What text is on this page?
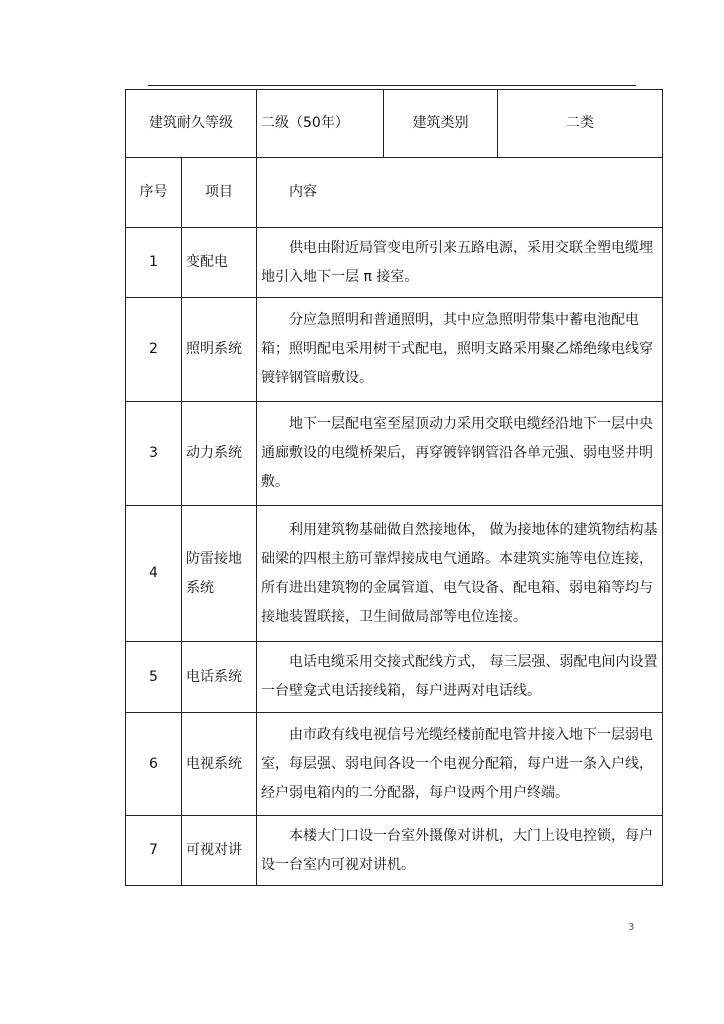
建筑耐久等级		二级（50年）	建筑类别	二类
序号	项目	内容		
1	变配电	供电由附近局管变电所引来五路电源，采用交联全塑电缆埋地引入地下一层 π 接室。		
2	照明系统	分应急照明和普通照明，其中应急照明带集中蓄电池配电箱；照明配电采用树干式配电，照明支路采用聚乙烯绝缘电线穿镀锌钢管暗敷设。		
3	动力系统	地下一层配电室至屋顶动力采用交联电缆经沿地下一层中央通廊敷设的电缆桥架后，再穿镀锌钢管沿各单元强、弱电竖井明敷。		
4	防雷接地系统	利用建筑物基础做自然接地体， 做为接地体的建筑物结构基础梁的四根主筋可靠焊接成电气通路。本建筑实施等电位连接，所有进出建筑物的金属管道、电气设备、配电箱、弱电箱等均与接地装置联接，卫生间做局部等电位连接。		
5	电话系统	电话电缆采用交接式配线方式， 每三层强、弱配电间内设置一台壁龛式电话接线箱，每户进两对电话线。		
6	电视系统	由市政有线电视信号光缆经楼前配电管井接入地下一层弱电室，每层强、弱电间各设一个电视分配箱，每户进一条入户线， 经户弱电箱内的二分配器，每户设两个用户终端。		
7	可视对讲	本楼大门口设一台室外摄像对讲机，大门上设电控锁，每户设一台室内可视对讲机。		
3
